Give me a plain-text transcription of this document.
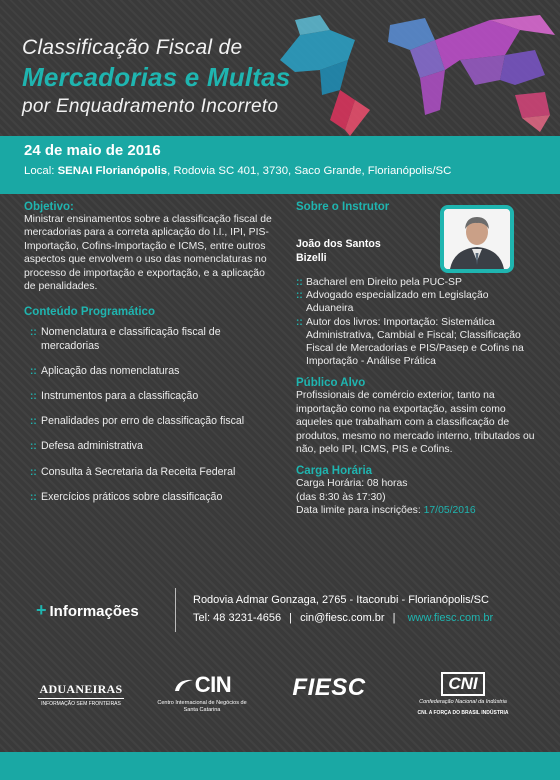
Classificação Fiscal de
Mercadorias e Multas
por Enquadramento Incorreto
24 de maio de 2016
Local: SENAI Florianópolis, Rodovia SC 401, 3730, Saco Grande, Florianópolis/SC
Objetivo:

Ministrar ensinamentos sobre a classificação fiscal de mercadorias para a correta aplicação do I.I., IPI, PIS-Importação, Cofins-Importação e ICMS, entre outros aspectos que envolvem o uso das nomenclaturas no processo de importação e exportação, e a aplicação de penalidades.

Conteúdo Programático
:: Nomenclatura e classificação fiscal de mercadorias
:: Aplicação das nomenclaturas
:: Instrumentos para a classificação
:: Penalidades por erro de classificação fiscal
:: Defesa administrativa
:: Consulta à Secretaria da Receita Federal
:: Exercícios práticos sobre classificação
Sobre o Instrutor
João dos Santos
Bizelli
:: Bacharel em Direito pela PUC-SP
:: Advogado especializado em Legislação Aduaneira
:: Autor dos livros: Importação: Sistemática Administrativa, Cambial e Fiscal; Classificação Fiscal de Mercadorias e PIS/Pasep e Cofins na Importação - Análise Prática
Público Alvo

Profissionais de comércio exterior, tanto na importação como na exportação, assim como aqueles que trabalham com a classificação de produtos, mesmo no mercado interno, tributados ou não, pelo IPI, ICMS, PIS e Cofins.

Carga Horária
Carga Horária: 08 horas
(das 8:30 às 17:30)
Data limite para inscrições: 17/05/2016
+ Informações
Rodovia Admar Gonzaga, 2765 - Itacorubi - Florianópolis/SC
Tel: 48 3231-4656 | cin@fiesc.com.br | www.fiesc.com.br
ADUANEIRAS
INFORMAÇÃO SEM FRONTEIRAS
CIN
Centro Internacional de Negócios de Santa Catarina
FIESC	CNI
Confederação Nacional da Indústria
CNI. A FORÇA DO BRASIL INDÚSTRIA
